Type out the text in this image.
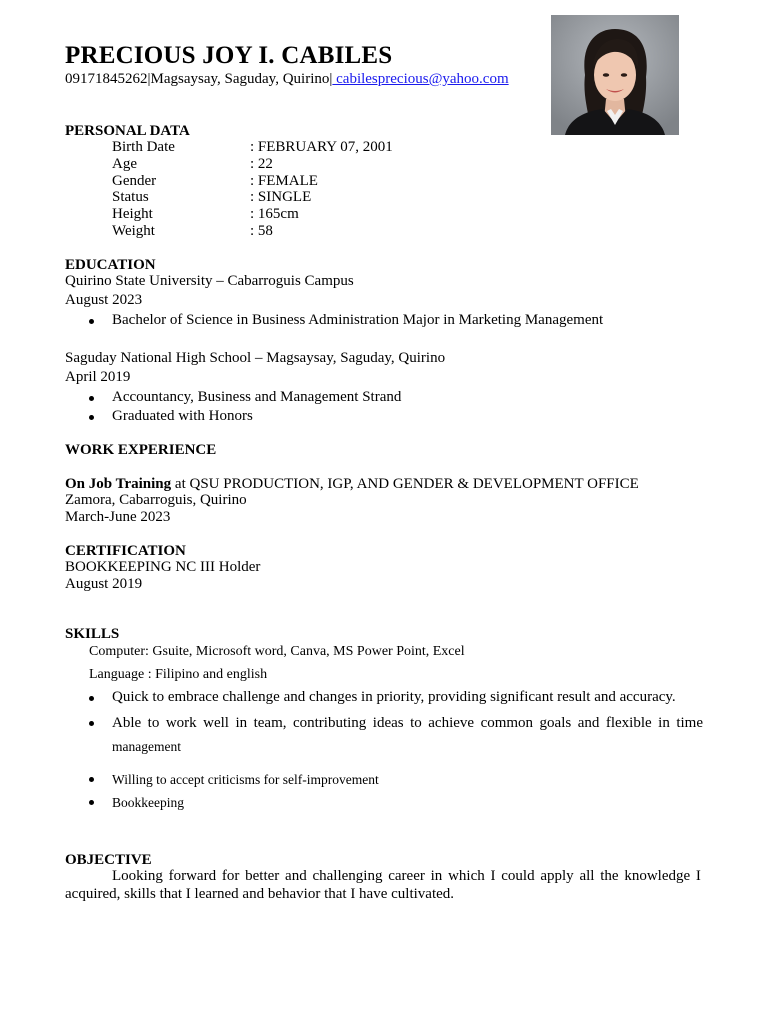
PRECIOUS JOY I. CABILES
09171845262|Magsaysay, Saguday, Quirino| cabilesprecious@yahoo.com
PERSONAL DATA
Birth Date	: FEBRUARY 07, 2001
Age	: 22
Gender	: FEMALE
Status	: SINGLE
Height	: 165cm
Weight	: 58
EDUCATION
Quirino State University – Cabarroguis Campus
August 2023
Bachelor of Science in Business Administration Major in Marketing Management
Saguday National High School – Magsaysay, Saguday, Quirino
April 2019
Accountancy, Business and Management Strand
Graduated with Honors
WORK EXPERIENCE
On Job Training at QSU PRODUCTION, IGP, AND GENDER & DEVELOPMENT OFFICE
Zamora, Cabarroguis, Quirino
March-June 2023
CERTIFICATION
BOOKKEEPING NC III Holder
August 2019
SKILLS
Computer: Gsuite, Microsoft word, Canva, MS Power Point, Excel
Language : Filipino and english
Quick to embrace challenge and changes in priority, providing significant result and accuracy.
Able to work well in team, contributing ideas to achieve common goals and flexible in time
management
Willing to accept criticisms for self-improvement
Bookkeeping
OBJECTIVE
Looking forward for better and challenging career in which I could apply all the knowledge I
acquired, skills that I learned and behavior that I have cultivated.
